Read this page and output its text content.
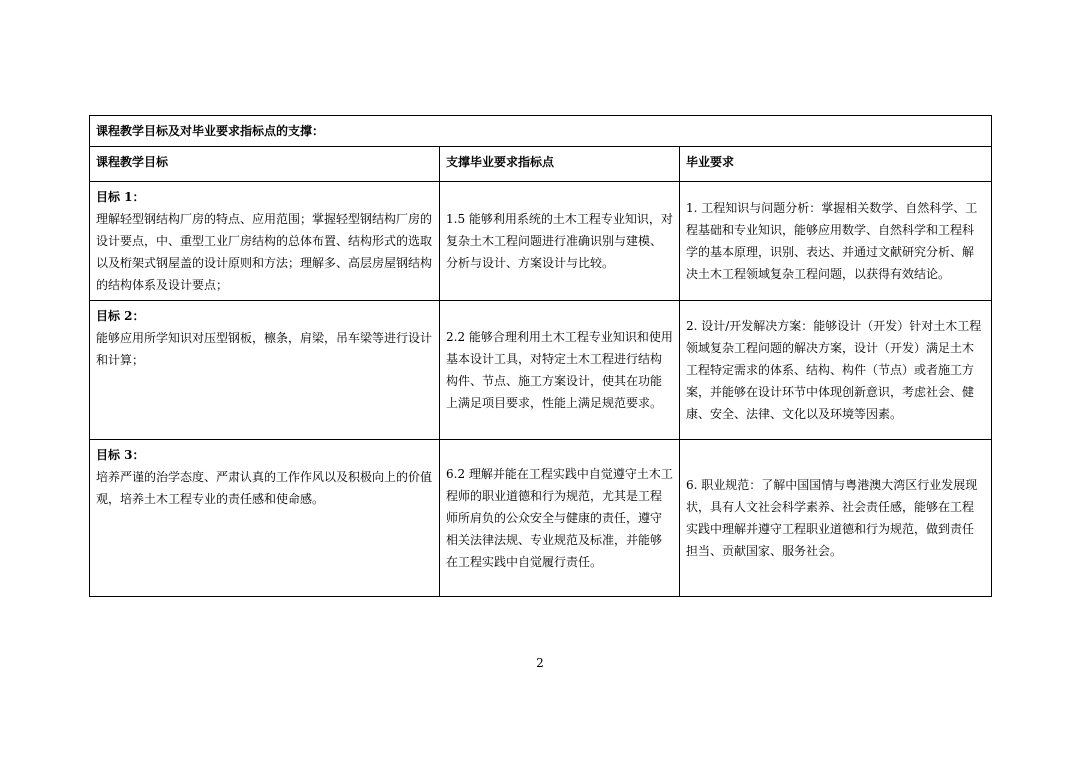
课程教学目标及对毕业要求指标点的支撑：		
课程教学目标	支撑毕业要求指标点	毕业要求

目标 1：
理解轻型钢结构厂房的特点、应用范围；掌握轻型钢结构厂房的设计要点，中、重型工业厂房结构的总体布置、结构形式的选取以及桁架式钢屋盖的设计原则和方法；理解多、高层房屋钢结构的结构体系及设计要点；	1.5 能够利用系统的土木工程专业知识，对复杂土木工程问题进行准确识别与建模、分析与设计、方案设计与比较。	1. 工程知识与问题分析：掌握相关数学、自然科学、工程基础和专业知识，能够应用数学、自然科学和工程科学的基本原理，识别、表达、并通过文献研究分析、解决土木工程领域复杂工程问题，以获得有效结论。

目标 2：
能够应用所学知识对压型钢板，檩条，肩梁，吊车梁等进行设计和计算；	2.2 能够合理利用土木工程专业知识和使用基本设计工具，对特定土木工程进行结构构件、节点、施工方案设计，使其在功能上满足项目要求，性能上满足规范要求。	2. 设计/开发解决方案：能够设计（开发）针对土木工程领域复杂工程问题的解决方案，设计（开发）满足土木工程特定需求的体系、结构、构件（节点）或者施工方案，并能够在设计环节中体现创新意识，考虑社会、健康、安全、法律、文化以及环境等因素。

目标 3：
培养严谨的治学态度、严肃认真的工作作风以及积极向上的价值观，培养土木工程专业的责任感和使命感。	6.2 理解并能在工程实践中自觉遵守土木工程师的职业道德和行为规范，尤其是工程师所肩负的公众安全与健康的责任，遵守相关法律法规、专业规范及标准，并能够在工程实践中自觉履行责任。	6. 职业规范：了解中国国情与粤港澳大湾区行业发展现状，具有人文社会科学素养、社会责任感，能够在工程实践中理解并遵守工程职业道德和行为规范，做到责任担当、贡献国家、服务社会。
2
